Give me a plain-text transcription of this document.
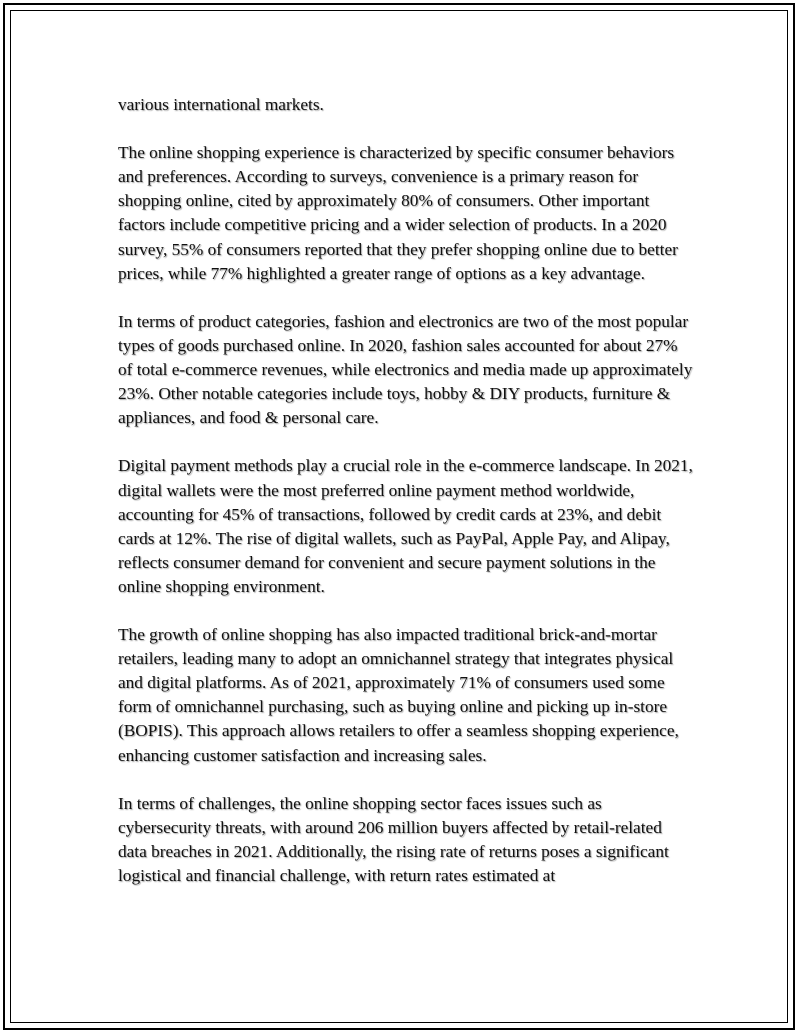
various international markets.

The online shopping experience is characterized by specific consumer behaviors and preferences. According to surveys, convenience is a primary reason for shopping online, cited by approximately 80% of consumers. Other important factors include competitive pricing and a wider selection of products. In a 2020 survey, 55% of consumers reported that they prefer shopping online due to better prices, while 77% highlighted a greater range of options as a key advantage.

In terms of product categories, fashion and electronics are two of the most popular types of goods purchased online. In 2020, fashion sales accounted for about 27% of total e-commerce revenues, while electronics and media made up approximately 23%. Other notable categories include toys, hobby & DIY products, furniture & appliances, and food & personal care.

Digital payment methods play a crucial role in the e-commerce landscape. In 2021, digital wallets were the most preferred online payment method worldwide, accounting for 45% of transactions, followed by credit cards at 23%, and debit cards at 12%. The rise of digital wallets, such as PayPal, Apple Pay, and Alipay, reflects consumer demand for convenient and secure payment solutions in the online shopping environment.

The growth of online shopping has also impacted traditional brick-and-mortar retailers, leading many to adopt an omnichannel strategy that integrates physical and digital platforms. As of 2021, approximately 71% of consumers used some form of omnichannel purchasing, such as buying online and picking up in-store (BOPIS). This approach allows retailers to offer a seamless shopping experience, enhancing customer satisfaction and increasing sales.

In terms of challenges, the online shopping sector faces issues such as cybersecurity threats, with around 206 million buyers affected by retail-related data breaches in 2021. Additionally, the rising rate of returns poses a significant logistical and financial challenge, with return rates estimated at
